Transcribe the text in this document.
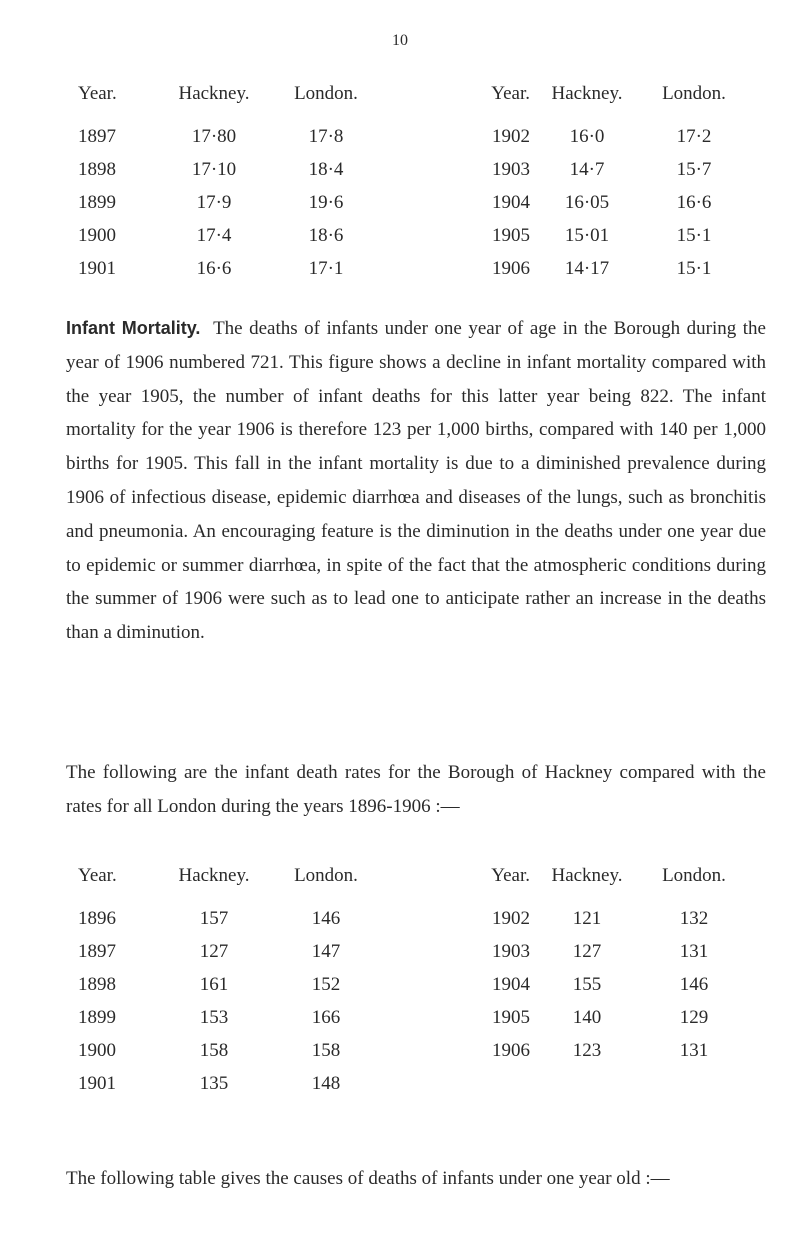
10
Year.	Hackney.	London.	Year.	Hackney.	London.
1897	17·80	17·8	1902	16·0	17·2
1898	17·10	18·4	1903	14·7	15·7
1899	17·9	19·6	1904	16·05	16·6
1900	17·4	18·6	1905	15·01	15·1
1901	16·6	17·1	1906	14·17	15·1

Infant Mortality. The deaths of infants under one year of age in the Borough during the year of 1906 numbered 721. This figure shows a decline in infant mortality compared with the year 1905, the number of infant deaths for this latter year being 822. The infant mortality for the year 1906 is therefore 123 per 1,000 births, compared with 140 per 1,000 births for 1905. This fall in the infant mortality is due to a diminished prevalence during 1906 of infectious disease, epidemic diarrhœa and diseases of the lungs, such as bronchitis and pneumonia. An encouraging feature is the diminution in the deaths under one year due to epidemic or summer diarrhœa, in spite of the fact that the atmospheric conditions during the summer of 1906 were such as to lead one to anticipate rather an increase in the deaths than a diminution.

The following are the infant death rates for the Borough of Hackney compared with the rates for all London during the years 1896-1906 :—

Year.	Hackney.	London.	Year.	Hackney.	London.
1896	157	146	1902	121	132
1897	127	147	1903	127	131
1898	161	152	1904	155	146
1899	153	166	1905	140	129
1900	158	158	1906	123	131
1901	135	148			

The following table gives the causes of deaths of infants under one year old :—
